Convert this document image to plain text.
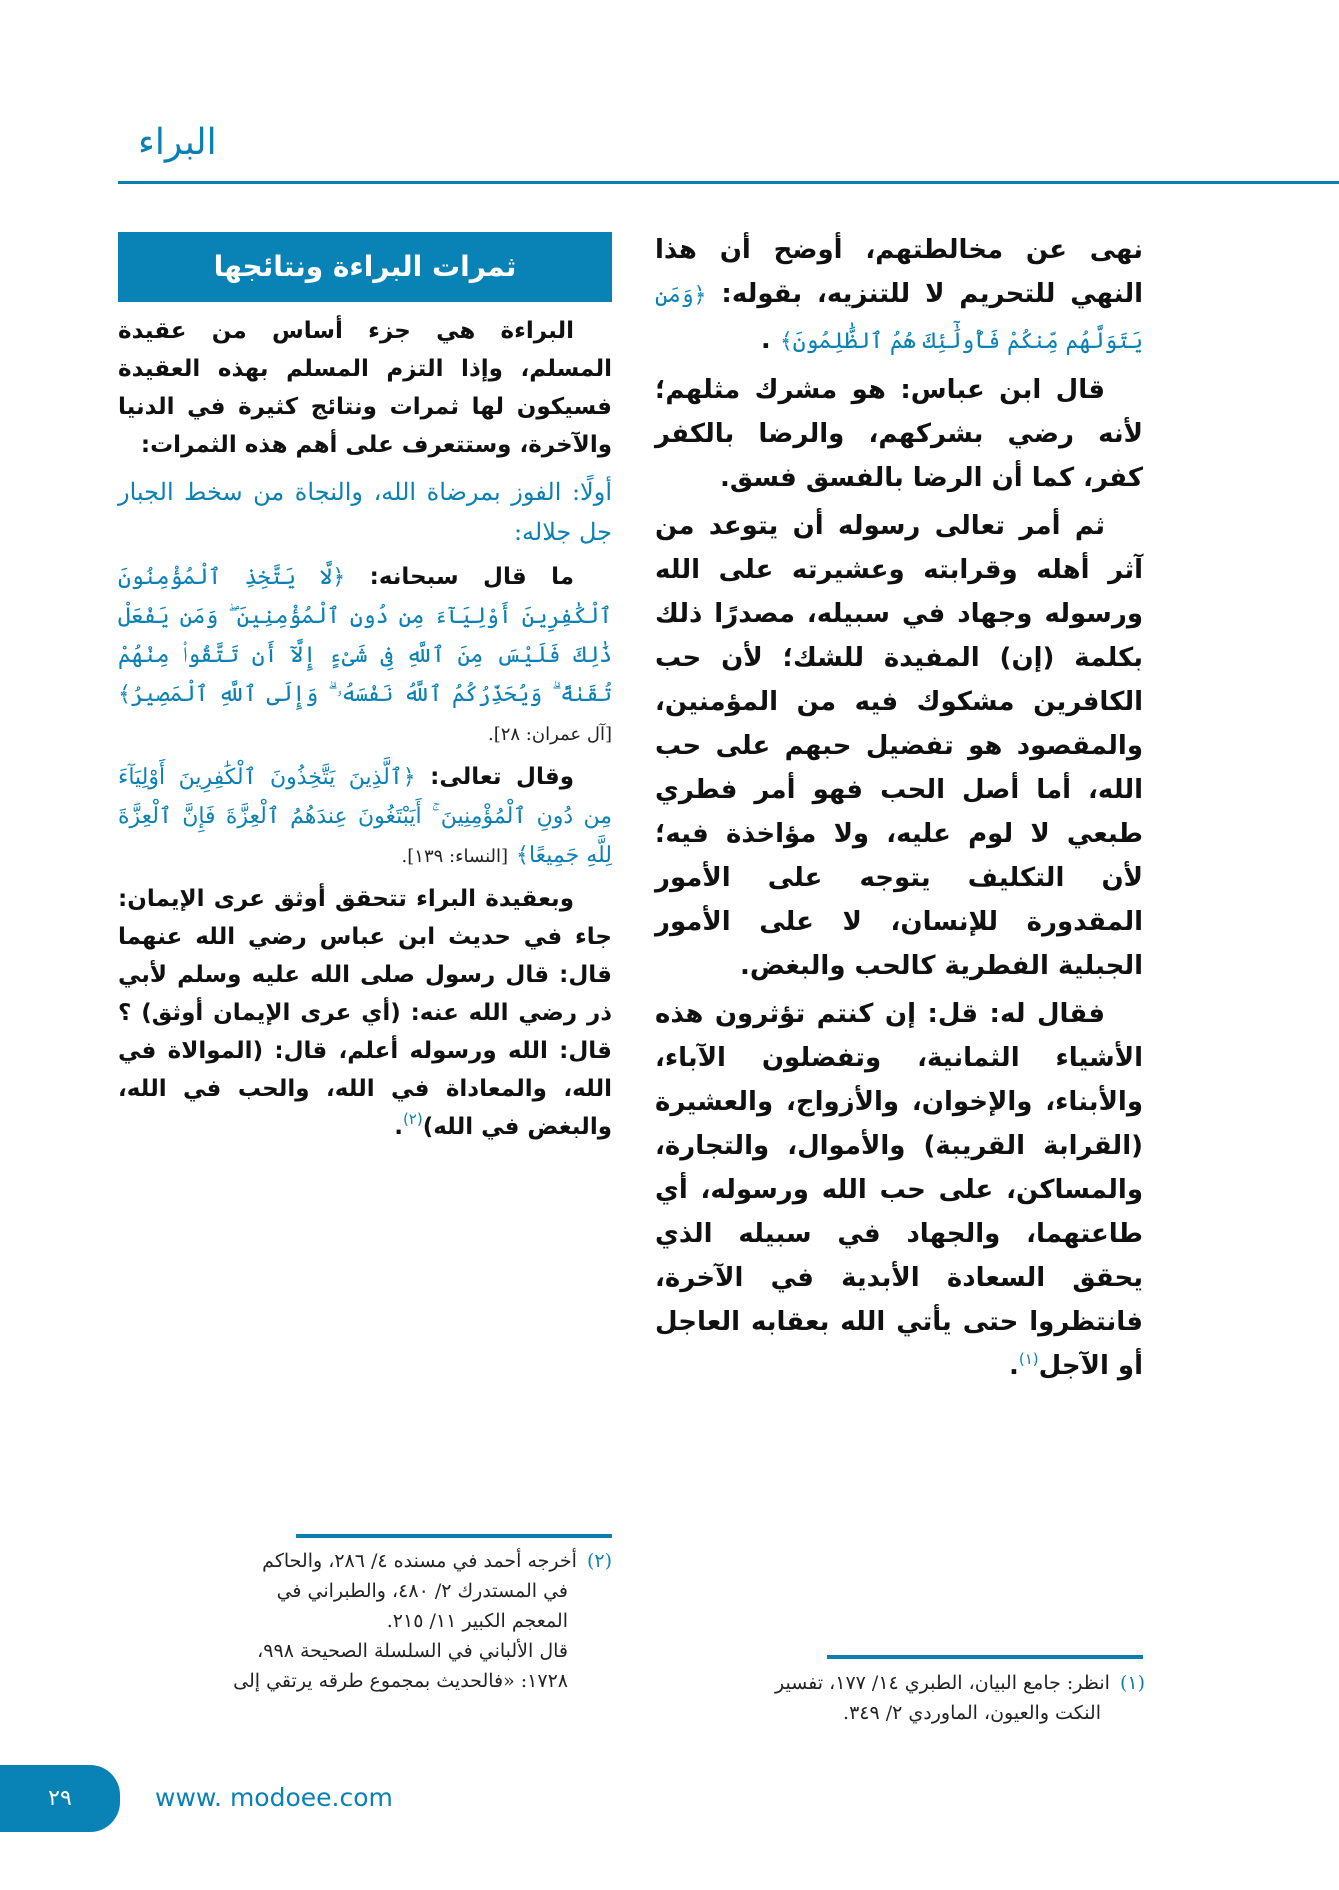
البراء

نهى عن مخالطتهم، أوضح أن هذا النهي للتحريم لا للتنزيه، بقوله: ﴿وَمَن يَتَوَلَّهُم مِّنكُمْ فَأُولَٰٓئِكَ هُمُ ٱلظَّٰلِمُونَ﴾ .

قال ابن عباس: هو مشرك مثلهم؛ لأنه رضي بشركهم، والرضا بالكفر كفر، كما أن الرضا بالفسق فسق.

ثم أمر تعالى رسوله أن يتوعد من آثر أهله وقرابته وعشيرته على الله ورسوله وجهاد في سبيله، مصدرًا ذلك بكلمة (إن) المفيدة للشك؛ لأن حب الكافرين مشكوك فيه من المؤمنين، والمقصود هو تفضيل حبهم على حب الله، أما أصل الحب فهو أمر فطري طبعي لا لوم عليه، ولا مؤاخذة فيه؛ لأن التكليف يتوجه على الأمور المقدورة للإنسان، لا على الأمور الجبلية الفطرية كالحب والبغض.

فقال له: قل: إن كنتم تؤثرون هذه الأشياء الثمانية، وتفضلون الآباء، والأبناء، والإخوان، والأزواج، والعشيرة (القرابة القريبة) والأموال، والتجارة، والمساكن، على حب الله ورسوله، أي طاعتهما، والجهاد في سبيله الذي يحقق السعادة الأبدية في الآخرة، فانتظروا حتى يأتي الله بعقابه العاجل أو الآجل$^{(١)}$.

(١)انظر: جامع البيان، الطبري ١٤/ ١٧٧، تفسير
النكت والعيون، الماوردي ٢/ ٣٤٩.
ثمرات البراءة ونتائجها

البراءة هي جزء أساس من عقيدة المسلم، وإذا التزم المسلم بهذه العقيدة فسيكون لها ثمرات ونتائج كثيرة في الدنيا والآخرة، وستتعرف على أهم هذه الثمرات:

أولًا: الفوز بمرضاة الله، والنجاة من سخط الجبار جل جلاله:

ما قال سبحانه: ﴿لَّا يَتَّخِذِ ٱلْمُؤْمِنُونَ ٱلْكَٰفِرِينَ أَوْلِيَآءَ مِن دُونِ ٱلْمُؤْمِنِينَ ۖ وَمَن يَفْعَلْ ذَٰلِكَ فَلَيْسَ مِنَ ٱللَّهِ فِى شَىْءٍ إِلَّآ أَن تَتَّقُوا۟ مِنْهُمْ تُقَىٰةً ۗ وَيُحَذِّرُكُمُ ٱللَّهُ نَفْسَهُۥ ۗ وَإِلَى ٱللَّهِ ٱلْمَصِيرُ﴾ [آل عمران: ٢٨].

وقال تعالى: ﴿ٱلَّذِينَ يَتَّخِذُونَ ٱلْكَٰفِرِينَ أَوْلِيَآءَ مِن دُونِ ٱلْمُؤْمِنِينَ ۚ أَيَبْتَغُونَ عِندَهُمُ ٱلْعِزَّةَ فَإِنَّ ٱلْعِزَّةَ لِلَّهِ جَمِيعًا﴾ [النساء: ١٣٩].

وبعقيدة البراء تتحقق أوثق عرى الإيمان: جاء في حديث ابن عباس رضي الله عنهما قال: قال رسول صلى الله عليه وسلم لأبي ذر رضي الله عنه: (أي عرى الإيمان أوثق) ؟ قال: الله ورسوله أعلم، قال: (الموالاة في الله، والمعاداة في الله، والحب في الله، والبغض في الله)$^{(٢)}$.

(٢)أخرجه أحمد في مسنده ٤/ ٢٨٦، والحاكم
في المستدرك ٢/ ٤٨٠، والطبراني في
المعجم الكبير ١١/ ٢١٥.
قال الألباني في السلسلة الصحيحة ٩٩٨،
١٧٢٨: «فالحديث بمجموع طرقه يرتقي إلى
٢٩	www. modoee.com
